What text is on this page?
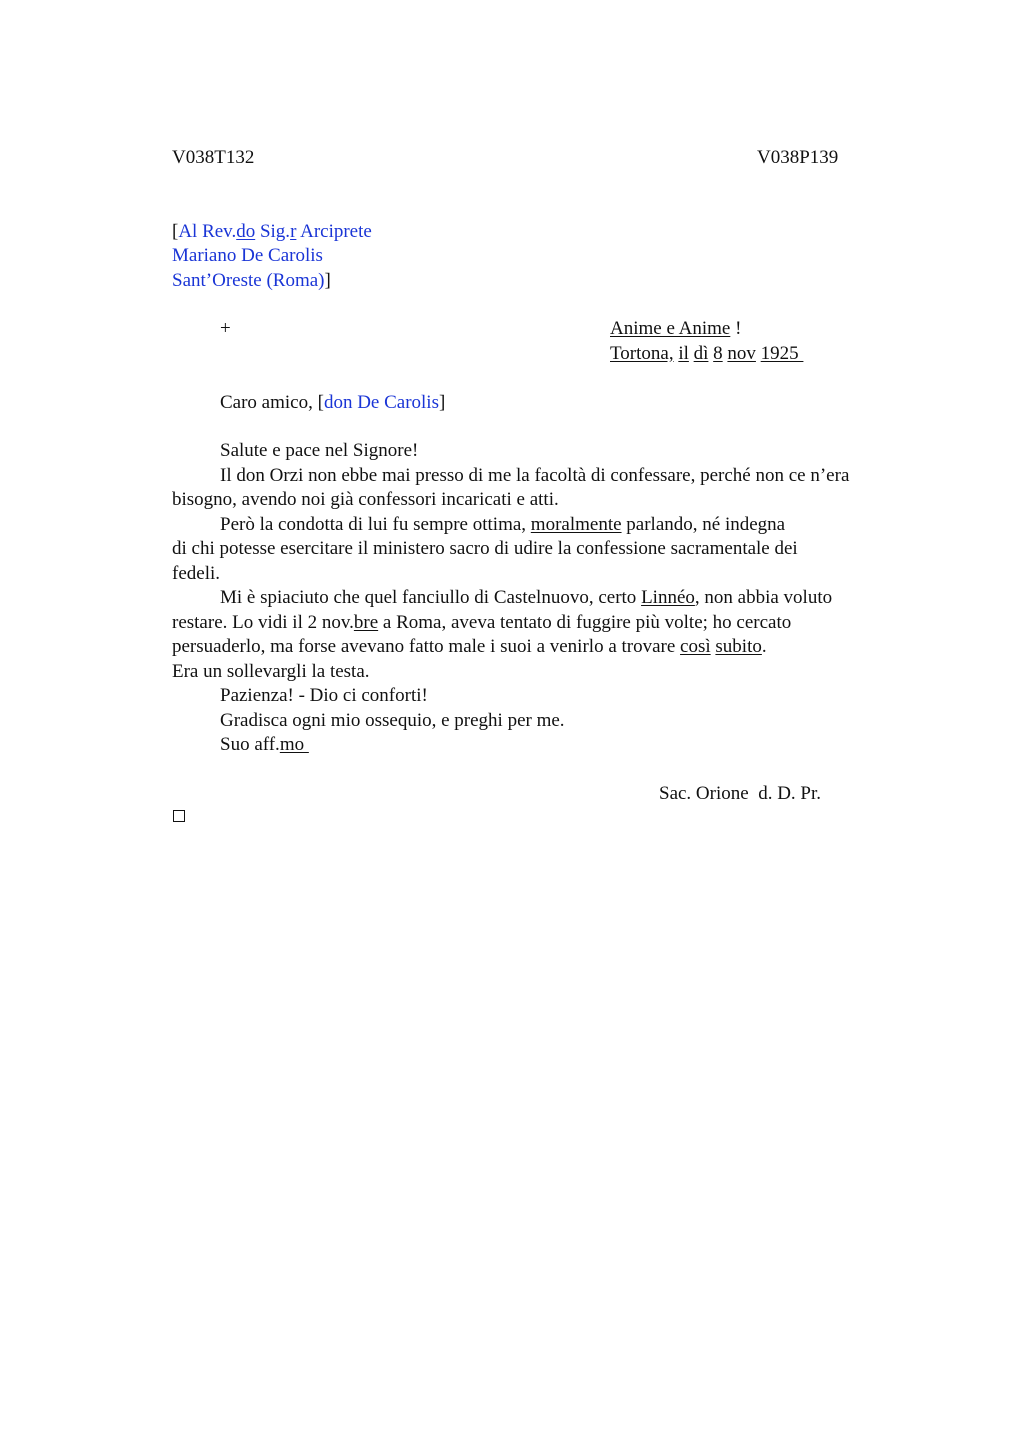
V038T132	V038P139
[Al Rev.do Sig.r Arciprete
Mariano De Carolis
Sant’Oreste (Roma)]
+	Anime e Anime !
Tortona, il dì 8 nov 1925
Caro amico, [don De Carolis]
Salute e pace nel Signore!
Il don Orzi non ebbe mai presso di me la facoltà di confessare, perché non ce n’era
bisogno, avendo noi già confessori incaricati e atti.
Però la condotta di lui fu sempre ottima, moralmente parlando, né indegna
di chi potesse esercitare il ministero sacro di udire la confessione sacramentale dei
fedeli.
Mi è spiaciuto che quel fanciullo di Castelnuovo, certo Linnéo, non abbia voluto
restare. Lo vidi il 2 nov.bre a Roma, aveva tentato di fuggire più volte; ho cercato
persuaderlo, ma forse avevano fatto male i suoi a venirlo a trovare così subito.
Era un sollevargli la testa.
Pazienza! - Dio ci conforti!
Gradisca ogni mio ossequio, e preghi per me.
Suo aff.mo
Sac. Orione  d. D. Pr.
